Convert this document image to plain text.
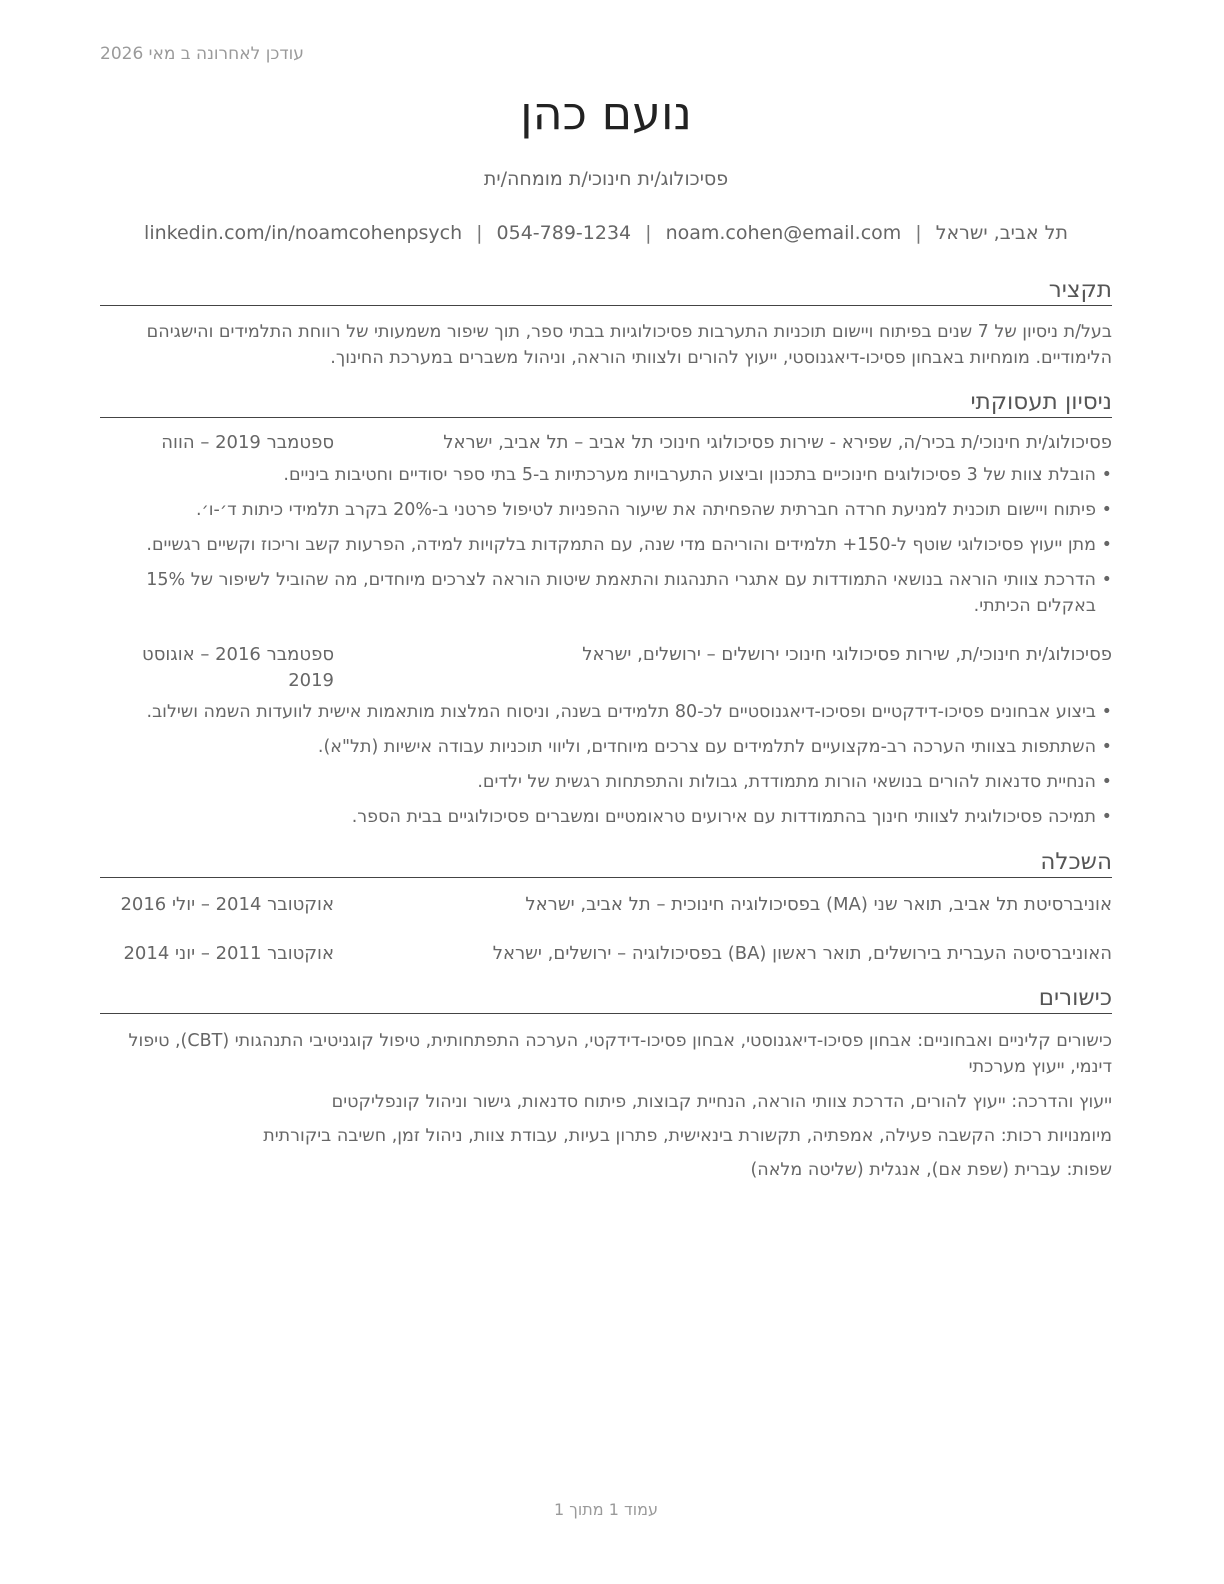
עודכן לאחרונה ב מאי 2026
נועם כהן
פסיכולוג/ית חינוכי/ת מומחה/ית
תל אביב, ישראל|noam.cohen@email.com|054-789-1234|linkedin.com/in/noamcohenpsych
תקציר
בעל/ת ניסיון של 7 שנים בפיתוח ויישום תוכניות התערבות פסיכולוגיות בבתי ספר, תוך שיפור משמעותי של רווחת התלמידים והישגיהם הלימודיים. מומחיות באבחון פסיכו-דיאגנוסטי, ייעוץ להורים ולצוותי הוראה, וניהול משברים במערכת החינוך.
ניסיון תעסוקתי
פסיכולוג/ית חינוכי/ת בכיר/ה, שפירא - שירות פסיכולוגי חינוכי תל אביב – תל אביב, ישראל
ספטמבר 2019 – הווה
• הובלת צוות של 3 פסיכולוגים חינוכיים בתכנון וביצוע התערבויות מערכתיות ב-5 בתי ספר יסודיים וחטיבות ביניים.
• פיתוח ויישום תוכנית למניעת חרדה חברתית שהפחיתה את שיעור ההפניות לטיפול פרטני ב-20% בקרב תלמידי כיתות ד׳-ו׳.
• מתן ייעוץ פסיכולוגי שוטף ל-150+ תלמידים והוריהם מדי שנה, עם התמקדות בלקויות למידה, הפרעות קשב וריכוז וקשיים רגשיים.
• הדרכת צוותי הוראה בנושאי התמודדות עם אתגרי התנהגות והתאמת שיטות הוראה לצרכים מיוחדים, מה שהוביל לשיפור של 15% באקלים הכיתתי.
פסיכולוג/ית חינוכי/ת, שירות פסיכולוגי חינוכי ירושלים – ירושלים, ישראל
ספטמבר 2016 – אוגוסט 2019
• ביצוע אבחונים פסיכו-דידקטיים ופסיכו-דיאגנוסטיים לכ-80 תלמידים בשנה, וניסוח המלצות מותאמות אישית לוועדות השמה ושילוב.
• השתתפות בצוותי הערכה רב-מקצועיים לתלמידים עם צרכים מיוחדים, וליווי תוכניות עבודה אישיות (תל"א).
• הנחיית סדנאות להורים בנושאי הורות מתמודדת, גבולות והתפתחות רגשית של ילדים.
• תמיכה פסיכולוגית לצוותי חינוך בהתמודדות עם אירועים טראומטיים ומשברים פסיכולוגיים בבית הספר.
השכלה
אוניברסיטת תל אביב, תואר שני (MA) בפסיכולוגיה חינוכית – תל אביב, ישראל
אוקטובר 2014 – יולי 2016
האוניברסיטה העברית בירושלים, תואר ראשון (BA) בפסיכולוגיה – ירושלים, ישראל
אוקטובר 2011 – יוני 2014
כישורים
כישורים קליניים ואבחוניים: אבחון פסיכו-דיאגנוסטי, אבחון פסיכו-דידקטי, הערכה התפתחותית, טיפול קוגניטיבי התנהגותי (CBT), טיפול דינמי, ייעוץ מערכתי
ייעוץ והדרכה: ייעוץ להורים, הדרכת צוותי הוראה, הנחיית קבוצות, פיתוח סדנאות, גישור וניהול קונפליקטים
מיומנויות רכות: הקשבה פעילה, אמפתיה, תקשורת בינאישית, פתרון בעיות, עבודת צוות, ניהול זמן, חשיבה ביקורתית
שפות: עברית (שפת אם), אנגלית (שליטה מלאה)
עמוד 1 מתוך 1
